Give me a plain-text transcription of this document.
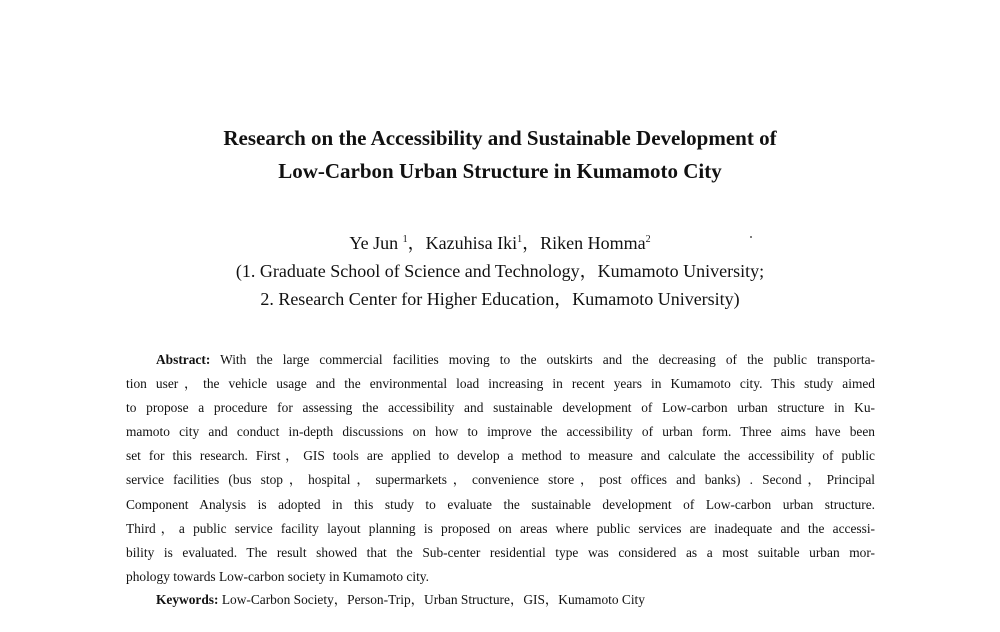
Research on the Accessibility and Sustainable Development of
Low-Carbon Urban Structure in Kumamoto City
Ye Jun $^1$，Kazuhisa Iki$^1$，Riken Homma$^2$
(1. Graduate School of Science and Technology，Kumamoto University;
2. Research Center for Higher Education，Kumamoto University)
Abstract: With the large commercial facilities moving to the outskirts and the decreasing of the public transporta-
tion user，the vehicle usage and the environmental load increasing in recent years in Kumamoto city. This study aimed
to propose a procedure for assessing the accessibility and sustainable development of Low-carbon urban structure in Ku-
mamoto city and conduct in-depth discussions on how to improve the accessibility of urban form. Three aims have been
set for this research. First，GIS tools are applied to develop a method to measure and calculate the accessibility of public
service facilities (bus stop，hospital，supermarkets，convenience store，post offices and banks) . Second，Principal
Component Analysis is adopted in this study to evaluate the sustainable development of Low-carbon urban structure.
Third，a public service facility layout planning is proposed on areas where public services are inadequate and the accessi-
bility is evaluated. The result showed that the Sub-center residential type was considered as a most suitable urban mor-
phology towards Low-carbon society in Kumamoto city.
Keywords: Low-Carbon Society，Person-Trip，Urban Structure，GIS，Kumamoto City
